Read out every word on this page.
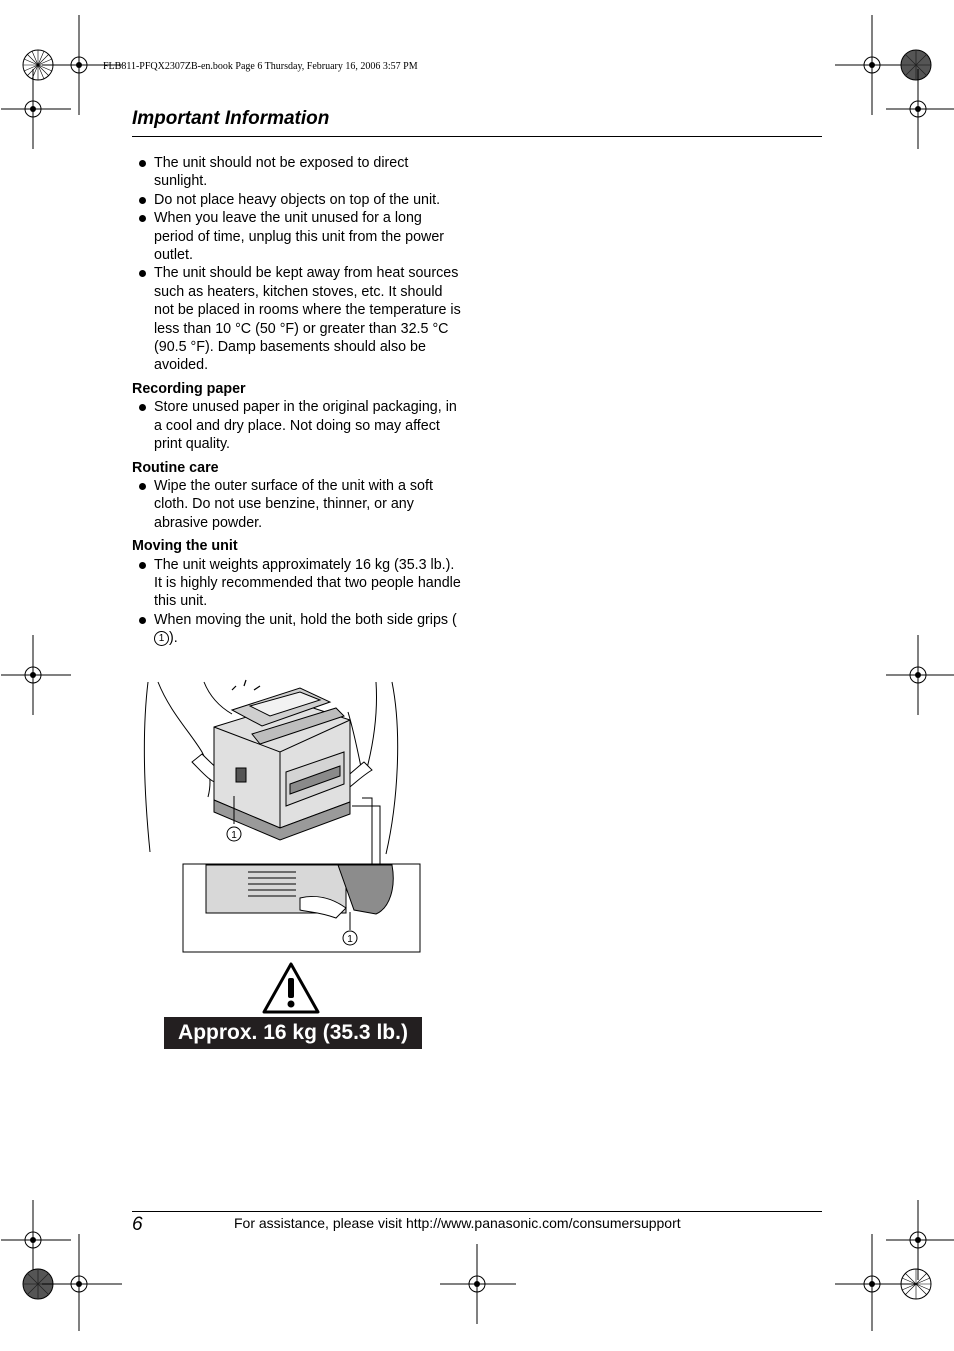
FLB811-PFQX2307ZB-en.book Page 6 Thursday, February 16, 2006 3:57 PM
Important Information
The unit should not be exposed to direct sunlight.
Do not place heavy objects on top of the unit.
When you leave the unit unused for a long period of time, unplug this unit from the power outlet.
The unit should be kept away from heat sources such as heaters, kitchen stoves, etc. It should not be placed in rooms where the temperature is less than 10 °C (50 °F) or greater than 32.5 °C (90.5 °F). Damp basements should also be avoided.
Recording paper
Store unused paper in the original packaging, in a cool and dry place. Not doing so may affect print quality.
Routine care
Wipe the outer surface of the unit with a soft cloth. Do not use benzine, thinner, or any abrasive powder.
Moving the unit
The unit weights approximately 16 kg (35.3 lb.). It is highly recommended that two people handle this unit.
When moving the unit, hold the both side grips (1 ).
1
1
Approx. 16 kg (35.3 lb.)
6	For assistance, please visit http://www.panasonic.com/consumersupport
